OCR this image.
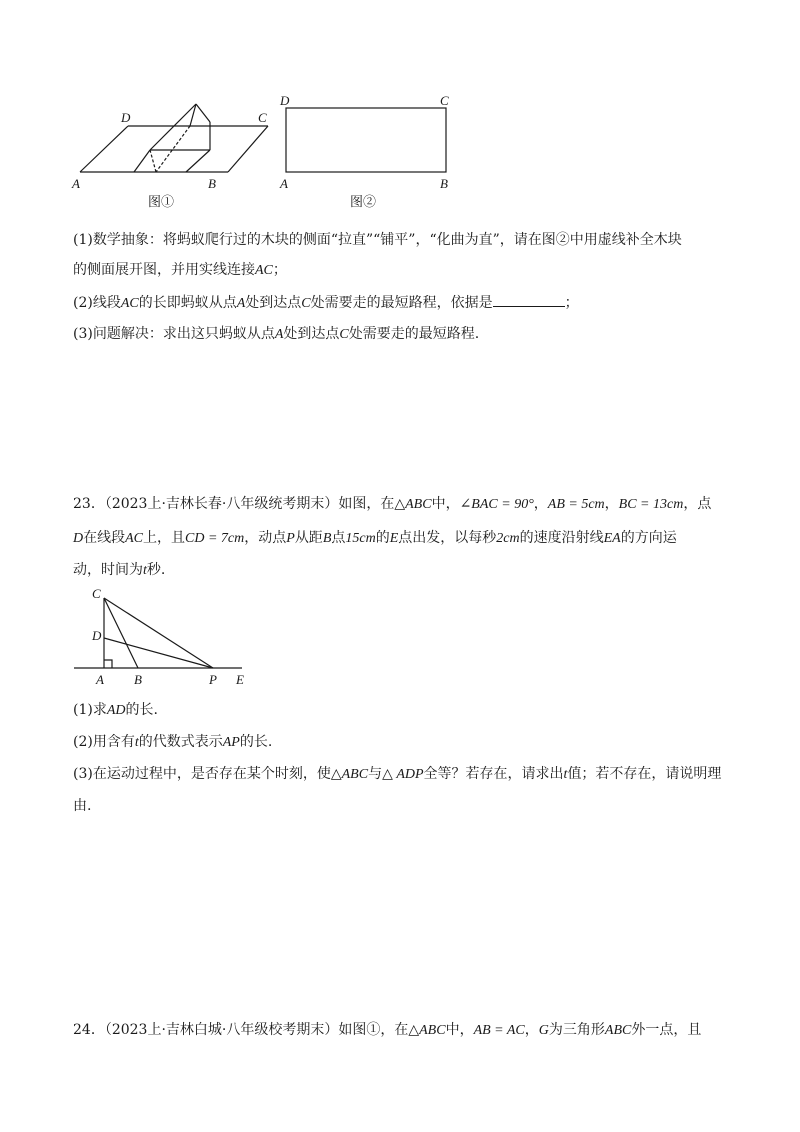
A	B
C
D
图①
D	C
A	B
图②
(1)数学抽象：将蚂蚁爬行过的木块的侧面“拉直”“铺平”，“化曲为直”，请在图②中用虚线补全木块
的侧面展开图，并用实线连接AC；
(2)线段AC的长即蚂蚁从点A处到达点C处需要走的最短路程，依据是	；
(3)问题解决：求出这只蚂蚁从点A处到达点C处需要走的最短路程.
23．（2023上·吉林长春·八年级统考期末）如图，在△ABC中，∠BAC = 90°，AB = 5cm，BC = 13cm，点
D在线段AC上，且CD = 7cm，动点P从距B点15cm的E点出发，以每秒2cm的速度沿射线EA的方向运
动，时间为t秒.
C
D
A B	P E
(1)求AD的长.
(2)用含有t的代数式表示AP的长.
(3)在运动过程中，是否存在某个时刻，使△ABC与△ ADP全等？若存在，请求出t值；若不存在，请说明理
由.
24．（2023上·吉林白城·八年级校考期末）如图①，在△ABC中，AB = AC，G为三角形ABC外一点，且
